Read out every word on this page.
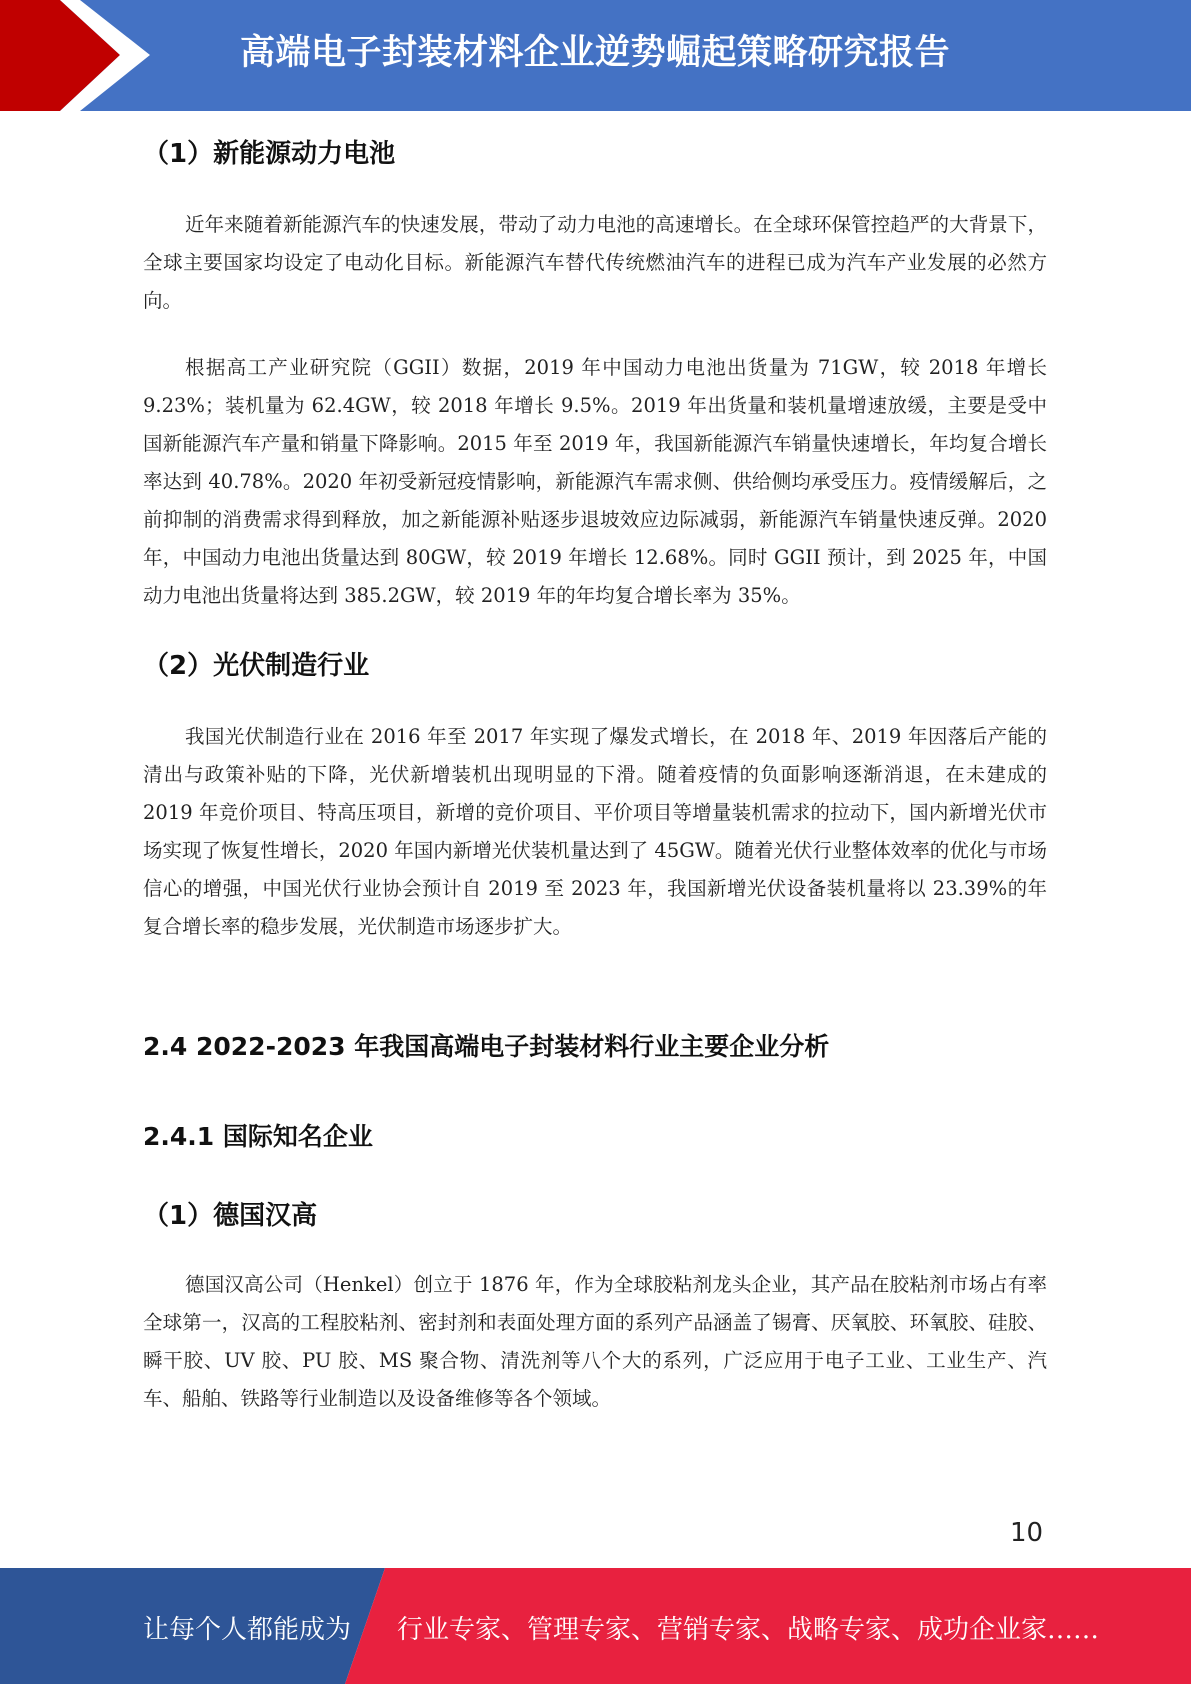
高端电子封装材料企业逆势崛起策略研究报告
（1）新能源动力电池

近年来随着新能源汽车的快速发展，带动了动力电池的高速增长。在全球环保管控趋严的大背景下，全球主要国家均设定了电动化目标。新能源汽车替代传统燃油汽车的进程已成为汽车产业发展的必然方向。

根据高工产业研究院（GGII）数据，2019 年中国动力电池出货量为 71GW，较 2018 年增长 9.23%；装机量为 62.4GW，较 2018 年增长 9.5%。2019 年出货量和装机量增速放缓，主要是受中国新能源汽车产量和销量下降影响。2015 年至 2019 年，我国新能源汽车销量快速增长，年均复合增长率达到 40.78%。2020 年初受新冠疫情影响，新能源汽车需求侧、供给侧均承受压力。疫情缓解后，之前抑制的消费需求得到释放，加之新能源补贴逐步退坡效应边际减弱，新能源汽车销量快速反弹。2020 年，中国动力电池出货量达到 80GW，较 2019 年增长 12.68%。同时 GGII 预计，到 2025 年，中国动力电池出货量将达到 385.2GW，较 2019 年的年均复合增长率为 35%。

（2）光伏制造行业

我国光伏制造行业在 2016 年至 2017 年实现了爆发式增长，在 2018 年、2019 年因落后产能的清出与政策补贴的下降，光伏新增装机出现明显的下滑。随着疫情的负面影响逐渐消退，在未建成的 2019 年竞价项目、特高压项目，新增的竞价项目、平价项目等增量装机需求的拉动下，国内新增光伏市场实现了恢复性增长，2020 年国内新增光伏装机量达到了 45GW。随着光伏行业整体效率的优化与市场信心的增强，中国光伏行业协会预计自 2019 至 2023 年，我国新增光伏设备装机量将以 23.39%的年复合增长率的稳步发展，光伏制造市场逐步扩大。

2.4 2022-2023 年我国高端电子封装材料行业主要企业分析
2.4.1 国际知名企业
（1）德国汉高

德国汉高公司（Henkel）创立于 1876 年，作为全球胶粘剂龙头企业，其产品在胶粘剂市场占有率全球第一，汉高的工程胶粘剂、密封剂和表面处理方面的系列产品涵盖了锡膏、厌氧胶、环氧胶、硅胶、瞬干胶、UV 胶、PU 胶、MS 聚合物、清洗剂等八个大的系列，广泛应用于电子工业、工业生产、汽车、船舶、铁路等行业制造以及设备维修等各个领域。

10
让每个人都能成为 行业专家、管理专家、营销专家、战略专家、成功企业家……
